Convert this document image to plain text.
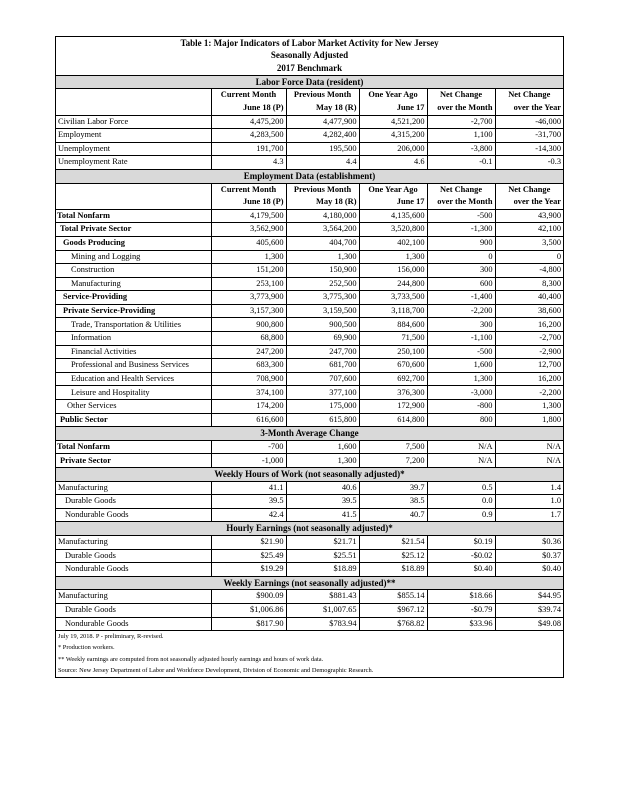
Table 1: Major Indicators of Labor Market Activity for New Jersey					
Seasonally Adjusted					
2017 Benchmark					
Labor Force Data (resident)					
	Current Month	Previous Month	One Year Ago	Net Change	Net Change
	June 18 (P)	May 18 (R)	June 17	over the Month	over the Year
Civilian Labor Force	4,475,200	4,477,900	4,521,200	-2,700	-46,000
Employment	4,283,500	4,282,400	4,315,200	1,100	-31,700
Unemployment	191,700	195,500	206,000	-3,800	-14,300
Unemployment Rate	4.3	4.4	4.6	-0.1	-0.3
Employment Data (establishment)					
	Current Month	Previous Month	One Year Ago	Net Change	Net Change
	June 18 (P)	May 18 (R)	June 17	over the Month	over the Year
Total Nonfarm	4,179,500	4,180,000	4,135,600	-500	43,900
Total Private Sector	3,562,900	3,564,200	3,520,800	-1,300	42,100
Goods Producing	405,600	404,700	402,100	900	3,500
Mining and Logging	1,300	1,300	1,300	0	0
Construction	151,200	150,900	156,000	300	-4,800
Manufacturing	253,100	252,500	244,800	600	8,300
Service-Providing	3,773,900	3,775,300	3,733,500	-1,400	40,400
Private Service-Providing	3,157,300	3,159,500	3,118,700	-2,200	38,600
Trade, Transportation & Utilities	900,800	900,500	884,600	300	16,200
Information	68,800	69,900	71,500	-1,100	-2,700
Financial Activities	247,200	247,700	250,100	-500	-2,900
Professional and Business Services	683,300	681,700	670,600	1,600	12,700
Education and Health Services	708,900	707,600	692,700	1,300	16,200
Leisure and Hospitality	374,100	377,100	376,300	-3,000	-2,200
Other Services	174,200	175,000	172,900	-800	1,300
Public Sector	616,600	615,800	614,800	800	1,800
3-Month Average Change					
Total Nonfarm	-700	1,600	7,500	N/A	N/A
Private Sector	-1,000	1,300	7,200	N/A	N/A
Weekly Hours of Work (not seasonally adjusted)*					
Manufacturing	41.1	40.6	39.7	0.5	1.4
Durable Goods	39.5	39.5	38.5	0.0	1.0
Nondurable Goods	42.4	41.5	40.7	0.9	1.7
Hourly Earnings (not seasonally adjusted)*					
Manufacturing	$21.90	$21.71	$21.54	$0.19	$0.36
Durable Goods	$25.49	$25.51	$25.12	-$0.02	$0.37
Nondurable Goods	$19.29	$18.89	$18.89	$0.40	$0.40
Weekly Earnings (not seasonally adjusted)**					
Manufacturing	$900.09	$881.43	$855.14	$18.66	$44.95
Durable Goods	$1,006.86	$1,007.65	$967.12	-$0.79	$39.74
Nondurable Goods	$817.90	$783.94	$768.82	$33.96	$49.08
July 19, 2018. P - preliminary, R-revised.					
* Production workers.					
** Weekly earnings are computed from not seasonally adjusted hourly earnings and hours of work data.					
Source: New Jersey Department of Labor and Workforce Development, Division of Economic and Demographic Research.					
